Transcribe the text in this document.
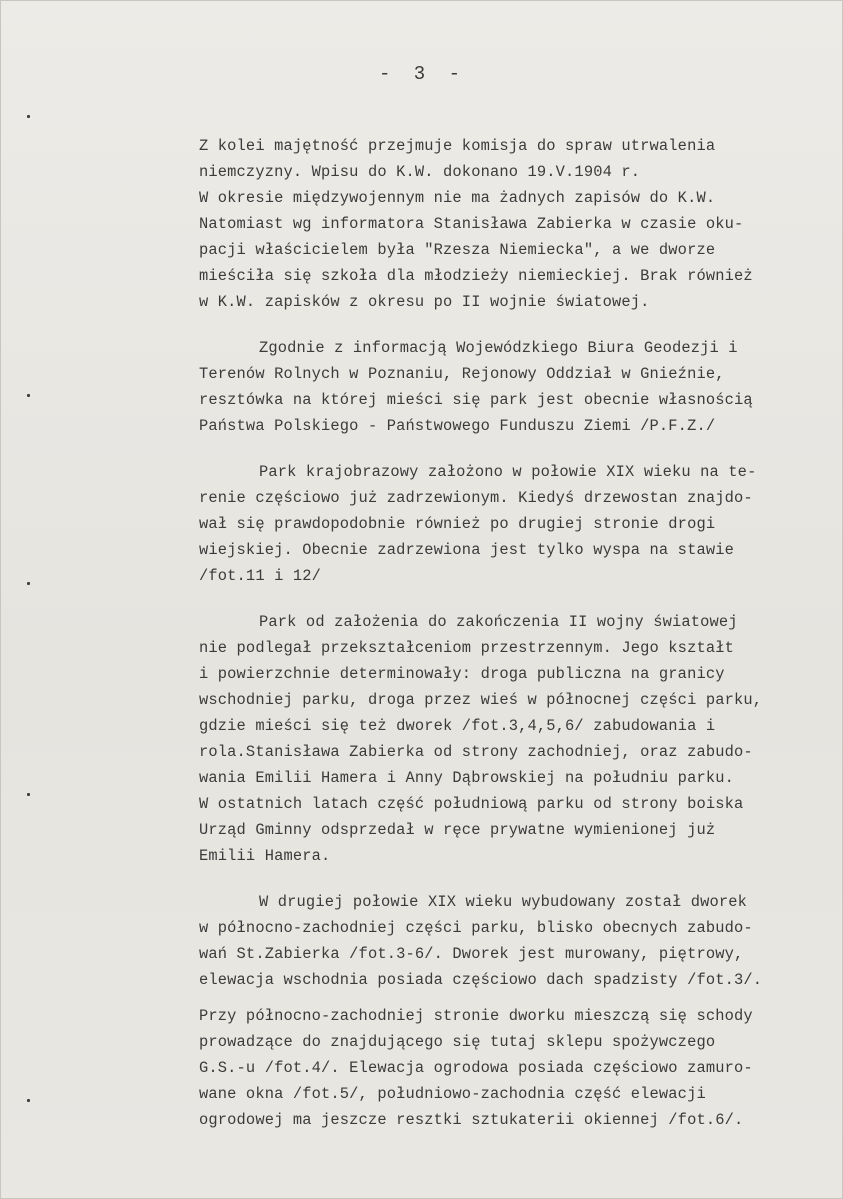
- 3 -
Z kolei majętność przejmuje komisja do spraw utrwalenia
niemczyzny. Wpisu do K.W. dokonano 19.V.1904 r.
W okresie międzywojennym nie ma żadnych zapisów do K.W.
Natomiast wg informatora Stanisława Zabierka w czasie oku-
pacji właścicielem była "Rzesza Niemiecka", a we dworze
mieściła się szkoła dla młodzieży niemieckiej. Brak również
w K.W. zapisków z okresu po II wojnie światowej.
Zgodnie z informacją Wojewódzkiego Biura Geodezji i
Terenów Rolnych w Poznaniu, Rejonowy Oddział w Gnieźnie,
resztówka na której mieści się park jest obecnie własnością
Państwa Polskiego - Państwowego Funduszu Ziemi /P.F.Z./
Park krajobrazowy założono w połowie XIX wieku na te-
renie częściowo już zadrzewionym. Kiedyś drzewostan znajdo-
wał się prawdopodobnie również po drugiej stronie drogi
wiejskiej. Obecnie zadrzewiona jest tylko wyspa na stawie
/fot.11 i 12/
Park od założenia do zakończenia II wojny światowej
nie podlegał przekształceniom przestrzennym. Jego kształt
i powierzchnie determinowały: droga publiczna na granicy
wschodniej parku, droga przez wieś w północnej części parku,
gdzie mieści się też dworek /fot.3,4,5,6/ zabudowania i
rola.Stanisława Zabierka od strony zachodniej, oraz zabudo-
wania Emilii Hamera i Anny Dąbrowskiej na południu parku.
W ostatnich latach część południową parku od strony boiska
Urząd Gminny odsprzedał w ręce prywatne wymienionej już
Emilii Hamera.
W drugiej połowie XIX wieku wybudowany został dworek
w północno-zachodniej części parku, blisko obecnych zabudo-
wań St.Zabierka /fot.3-6/. Dworek jest murowany, piętrowy,
elewacja wschodnia posiada częściowo dach spadzisty /fot.3/.
Przy północno-zachodniej stronie dworku mieszczą się schody
prowadzące do znajdującego się tutaj sklepu spożywczego
G.S.-u /fot.4/. Elewacja ogrodowa posiada częściowo zamuro-
wane okna /fot.5/, południowo-zachodnia część elewacji
ogrodowej ma jeszcze resztki sztukaterii okiennej /fot.6/.
